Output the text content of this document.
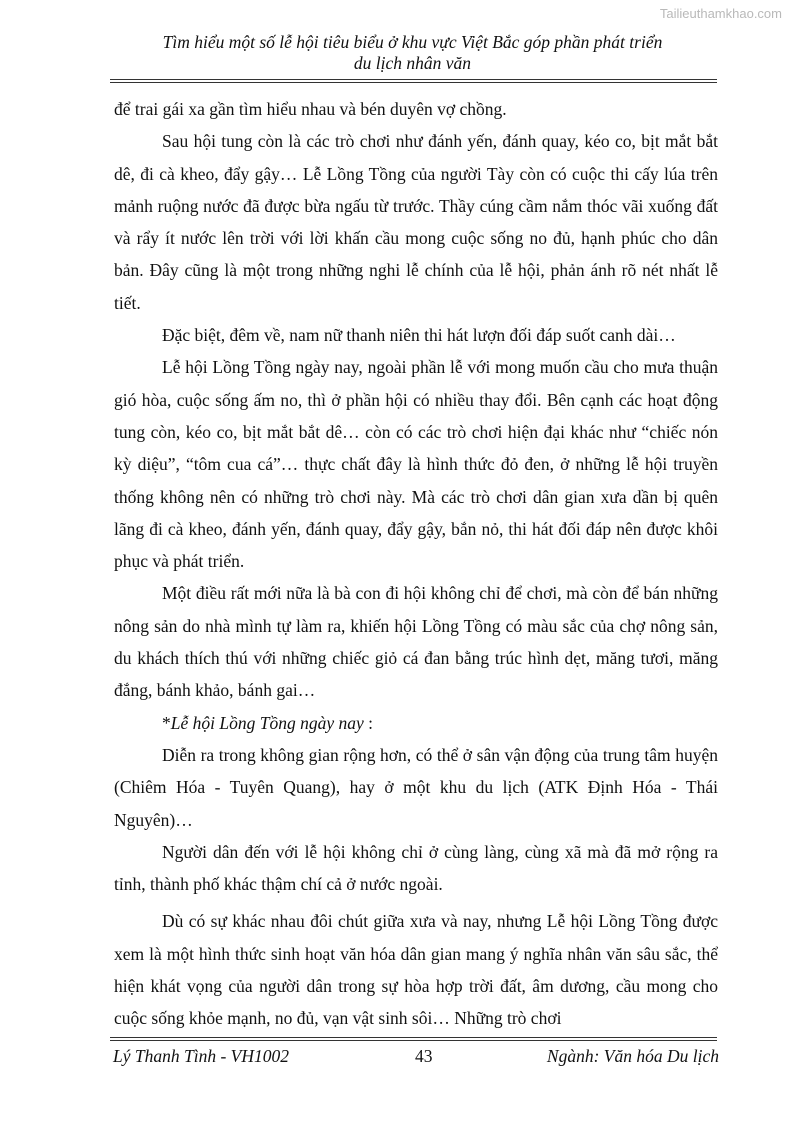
Tailieuthamkhao.com
Tìm hiểu một số lễ hội tiêu biểu ở khu vực Việt Bắc góp phần phát triển
du lịch nhân văn

để trai gái xa gần tìm hiểu nhau và bén duyên vợ chồng.

Sau hội tung còn là các trò chơi như đánh yến, đánh quay, kéo co, bịt mắt bắt dê, đi cà kheo, đẩy gậy… Lễ Lồng Tồng của người Tày còn có cuộc thi cấy lúa trên mảnh ruộng nước đã được bừa ngấu từ trước. Thầy cúng cầm nắm thóc vãi xuống đất và rẩy ít nước lên trời với lời khấn cầu mong cuộc sống no đủ, hạnh phúc cho dân bản. Đây cũng là một trong những nghi lễ chính của lễ hội, phản ánh rõ nét nhất lễ tiết.

Đặc biệt, đêm về, nam nữ thanh niên thi hát lượn đối đáp suốt canh dài…

Lễ hội Lồng Tồng ngày nay, ngoài phần lễ với mong muốn cầu cho mưa thuận gió hòa, cuộc sống ấm no, thì ở phần hội có nhiều thay đổi. Bên cạnh các hoạt động tung còn, kéo co, bịt mắt bắt dê… còn có các trò chơi hiện đại khác như “chiếc nón kỳ diệu”, “tôm cua cá”… thực chất đây là hình thức đỏ đen, ở những lễ hội truyền thống không nên có những trò chơi này. Mà các trò chơi dân gian xưa dần bị quên lãng đi cà kheo, đánh yến, đánh quay, đẩy gậy, bắn nỏ, thi hát đối đáp nên được khôi phục và phát triển.

Một điều rất mới nữa là bà con đi hội không chỉ để chơi, mà còn để bán những nông sản do nhà mình tự làm ra, khiến hội Lồng Tồng có màu sắc của chợ nông sản, du khách thích thú với những chiếc giỏ cá đan bằng trúc hình dẹt, măng tươi, măng đắng, bánh khảo, bánh gai…

*Lễ hội Lồng Tồng ngày nay :

Diễn ra trong không gian rộng hơn, có thể ở sân vận động của trung tâm huyện (Chiêm Hóa - Tuyên Quang), hay ở một khu du lịch (ATK Định Hóa - Thái Nguyên)…

Người dân đến với lễ hội không chỉ ở cùng làng, cùng xã mà đã mở rộng ra tỉnh, thành phố khác thậm chí cả ở nước ngoài.

Dù có sự khác nhau đôi chút giữa xưa và nay, nhưng Lễ hội Lồng Tồng được xem là một hình thức sinh hoạt văn hóa dân gian mang ý nghĩa nhân văn sâu sắc, thể hiện khát vọng của người dân trong sự hòa hợp trời đất, âm dương, cầu mong cho cuộc sống khỏe mạnh, no đủ, vạn vật sinh sôi… Những trò chơi

Lý Thanh Tình - VH1002	43	Ngành: Văn hóa Du lịch
